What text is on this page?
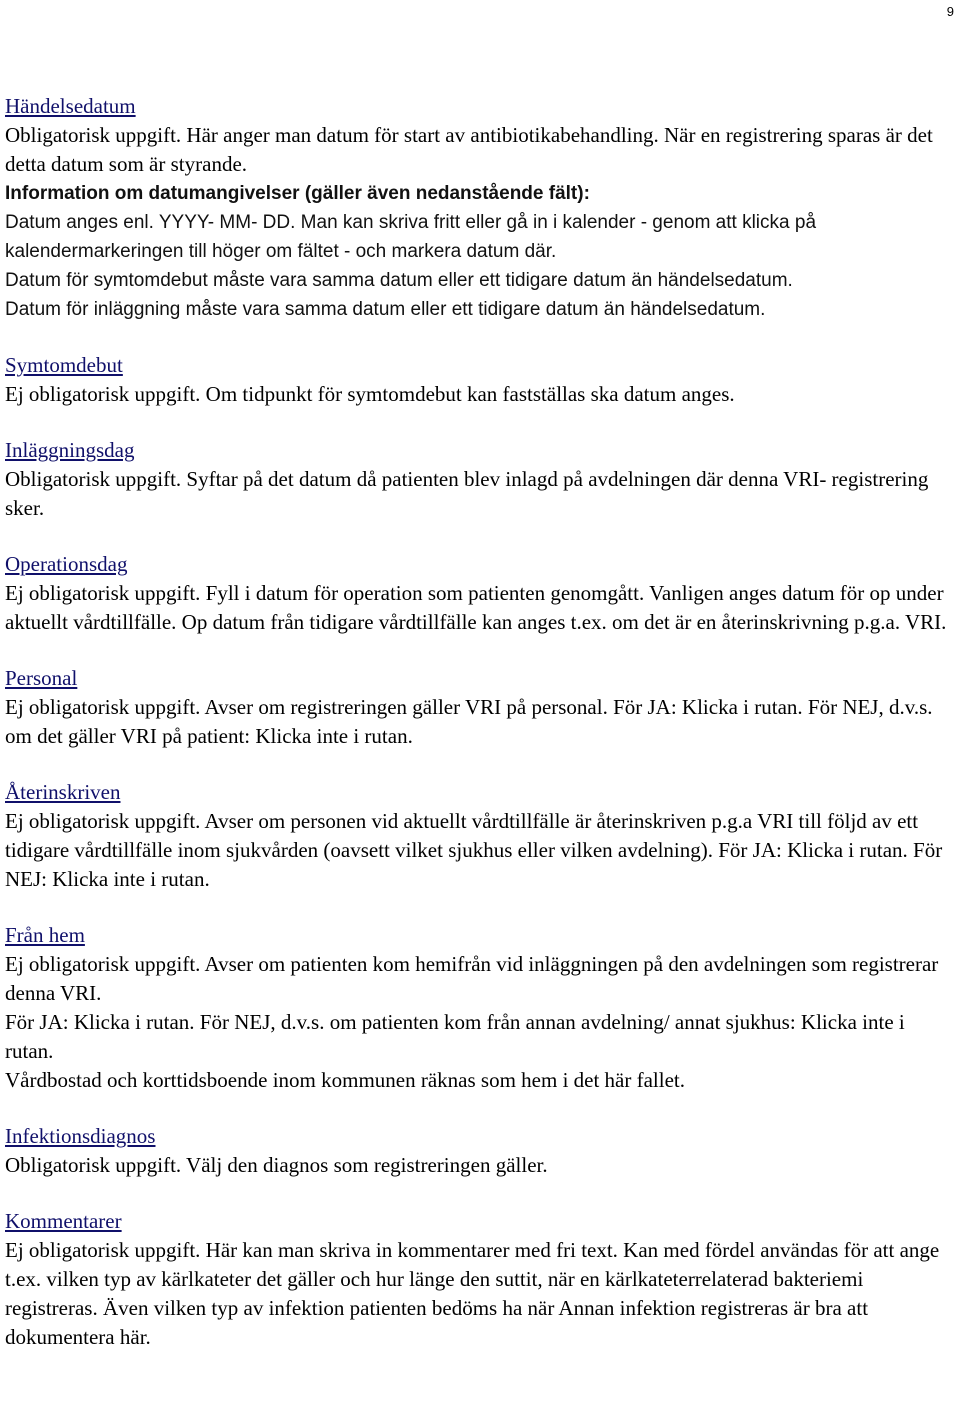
9
Händelsedatum
Obligatorisk uppgift. Här anger man datum för start av antibiotikabehandling. När en registrering sparas är det detta datum som är styrande.
Information om datumangivelser (gäller även nedanstående fält):
Datum anges enl. YYYY- MM- DD. Man kan skriva fritt eller gå in i kalender - genom att klicka på kalendermarkeringen till höger om fältet - och markera datum där.
Datum för symtomdebut måste vara samma datum eller ett tidigare datum än händelsedatum.
Datum för inläggning måste vara samma datum eller ett tidigare datum än händelsedatum.
Symtomdebut
Ej obligatorisk uppgift. Om tidpunkt för symtomdebut kan fastställas ska datum anges.
Inläggningsdag
Obligatorisk uppgift. Syftar på det datum då patienten blev inlagd på avdelningen där denna VRI- registrering sker.
Operationsdag
Ej obligatorisk uppgift. Fyll i datum för operation som patienten genomgått. Vanligen anges datum för op under aktuellt vårdtillfälle. Op datum från tidigare vårdtillfälle kan anges t.ex. om det är en återinskrivning p.g.a. VRI.
Personal
Ej obligatorisk uppgift. Avser om registreringen gäller VRI på personal. För JA: Klicka i rutan. För NEJ, d.v.s. om det gäller VRI på patient: Klicka inte i rutan.
Återinskriven
Ej obligatorisk uppgift. Avser om personen vid aktuellt vårdtillfälle är återinskriven p.g.a VRI till följd av ett tidigare vårdtillfälle inom sjukvården (oavsett vilket sjukhus eller vilken avdelning). För JA: Klicka i rutan. För NEJ: Klicka inte i rutan.
Från hem
Ej obligatorisk uppgift. Avser om patienten kom hemifrån vid inläggningen på den avdelningen som registrerar denna VRI.
För JA: Klicka i rutan. För NEJ, d.v.s. om patienten kom från annan avdelning/ annat sjukhus: Klicka inte i rutan.
Vårdbostad och korttidsboende inom kommunen räknas som hem i det här fallet.
Infektionsdiagnos
Obligatorisk uppgift. Välj den diagnos som registreringen gäller.
Kommentarer
Ej obligatorisk uppgift. Här kan man skriva in kommentarer med fri text. Kan med fördel användas för att ange t.ex. vilken typ av kärlkateter det gäller och hur länge den suttit, när en kärlkateterrelaterad bakteriemi registreras. Även vilken typ av infektion patienten bedöms ha när Annan infektion registreras är bra att dokumentera här.
